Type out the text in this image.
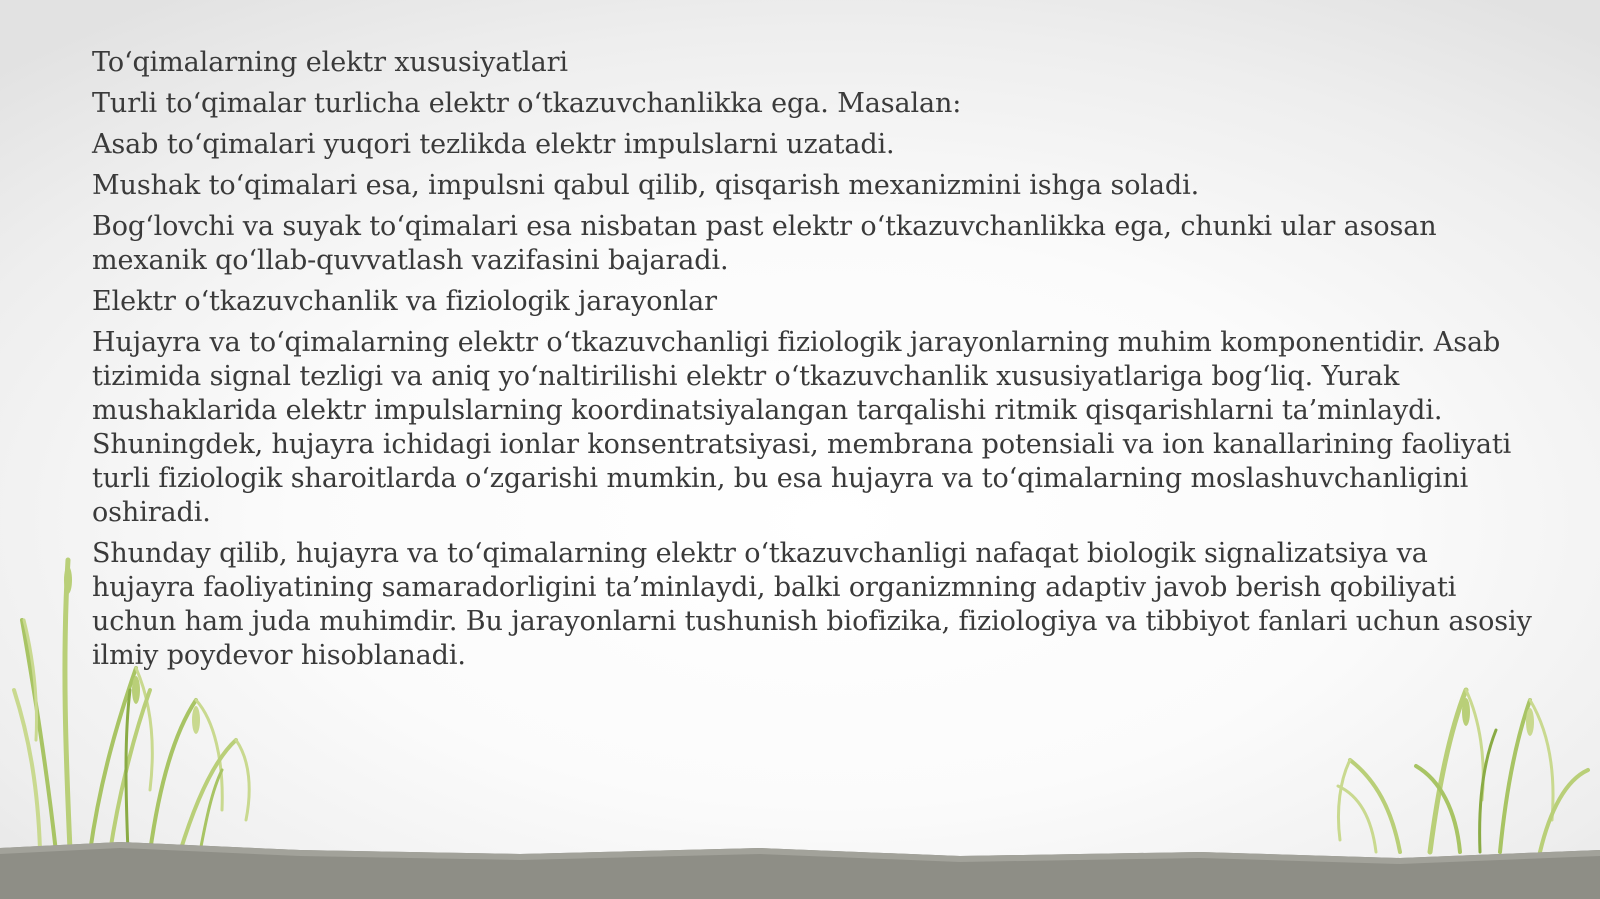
To‘qimalarning elektr xususiyatlari

Turli to‘qimalar turlicha elektr o‘tkazuvchanlikka ega. Masalan:

Asab to‘qimalari yuqori tezlikda elektr impulslarni uzatadi.

Mushak to‘qimalari esa, impulsni qabul qilib, qisqarish mexanizmini ishga soladi.

Bog‘lovchi va suyak to‘qimalari esa nisbatan past elektr o‘tkazuvchanlikka ega, chunki ular asosan mexanik qo‘llab-quvvatlash vazifasini bajaradi.

Elektr o‘tkazuvchanlik va fiziologik jarayonlar

Hujayra va to‘qimalarning elektr o‘tkazuvchanligi fiziologik jarayonlarning muhim komponentidir. Asab tizimida signal tezligi va aniq yo‘naltirilishi elektr o‘tkazuvchanlik xususiyatlariga bog‘liq. Yurak mushaklarida elektr impulslarning koordinatsiyalangan tarqalishi ritmik qisqarishlarni ta’minlaydi. Shuningdek, hujayra ichidagi ionlar konsentratsiyasi, membrana potensiali va ion kanallarining faoliyati turli fiziologik sharoitlarda o‘zgarishi mumkin, bu esa hujayra va to‘qimalarning moslashuvchanligini oshiradi.

Shunday qilib, hujayra va to‘qimalarning elektr o‘tkazuvchanligi nafaqat biologik signalizatsiya va hujayra faoliyatining samaradorligini ta’minlaydi, balki organizmning adaptiv javob berish qobiliyati uchun ham juda muhimdir. Bu jarayonlarni tushunish biofizika, fiziologiya va tibbiyot fanlari uchun asosiy ilmiy poydevor hisoblanadi.
